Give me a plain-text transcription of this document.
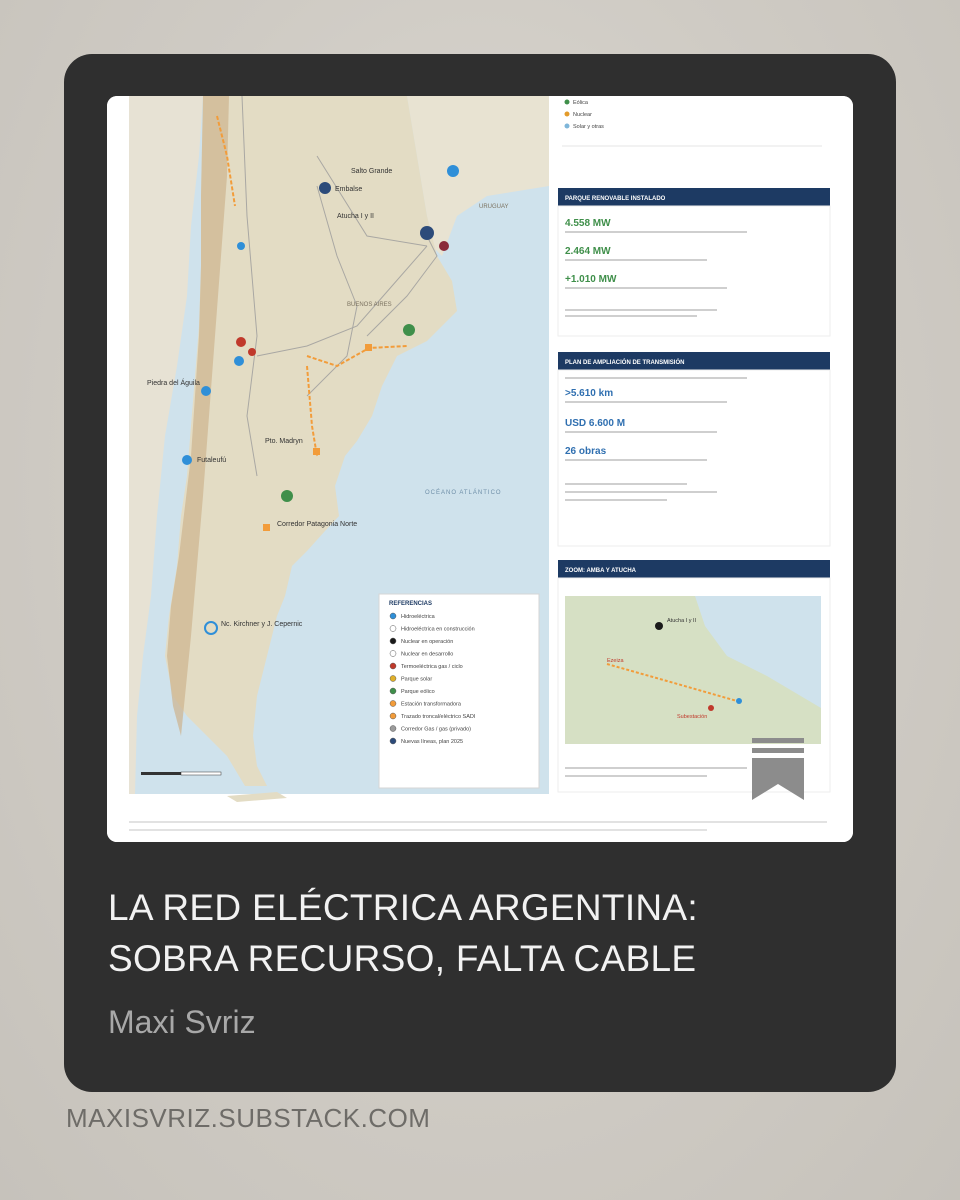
Salto Grande
Embalse
Atucha I y II
Piedra del Águila
Pto. Madryn
Futaleufú
Corredor Patagonia Norte
Nc. Kirchner y J. Cepernic
OCÉANO ATLÁNTICO
BUENOS AIRES
URUGUAY
REFERENCIAS
Hidroeléctrica
Hidroeléctrica en construcción
Nuclear en operación
Nuclear en desarrollo
Termoeléctrica gas / ciclo
Parque solar
Parque eólico
Estación transformadora
Trazado troncal/eléctrico SADI
Corredor Gas / gas (privado)
Nuevas líneas, plan 2025
Eólica
Nuclear
Solar y otras
PARQUE RENOVABLE INSTALADO
4.558 MW
2.464 MW
+1.010 MW
PLAN DE AMPLIACIÓN DE TRANSMISIÓN
>5.610 km
USD 6.600 M
26 obras
ZOOM: AMBA Y ATUCHA
Atucha I y II
Ezeiza
Subestación
LA RED ELÉCTRICA ARGENTINA:
SOBRA RECURSO, FALTA CABLE
Maxi Svriz
MAXISVRIZ.SUBSTACK.COM
